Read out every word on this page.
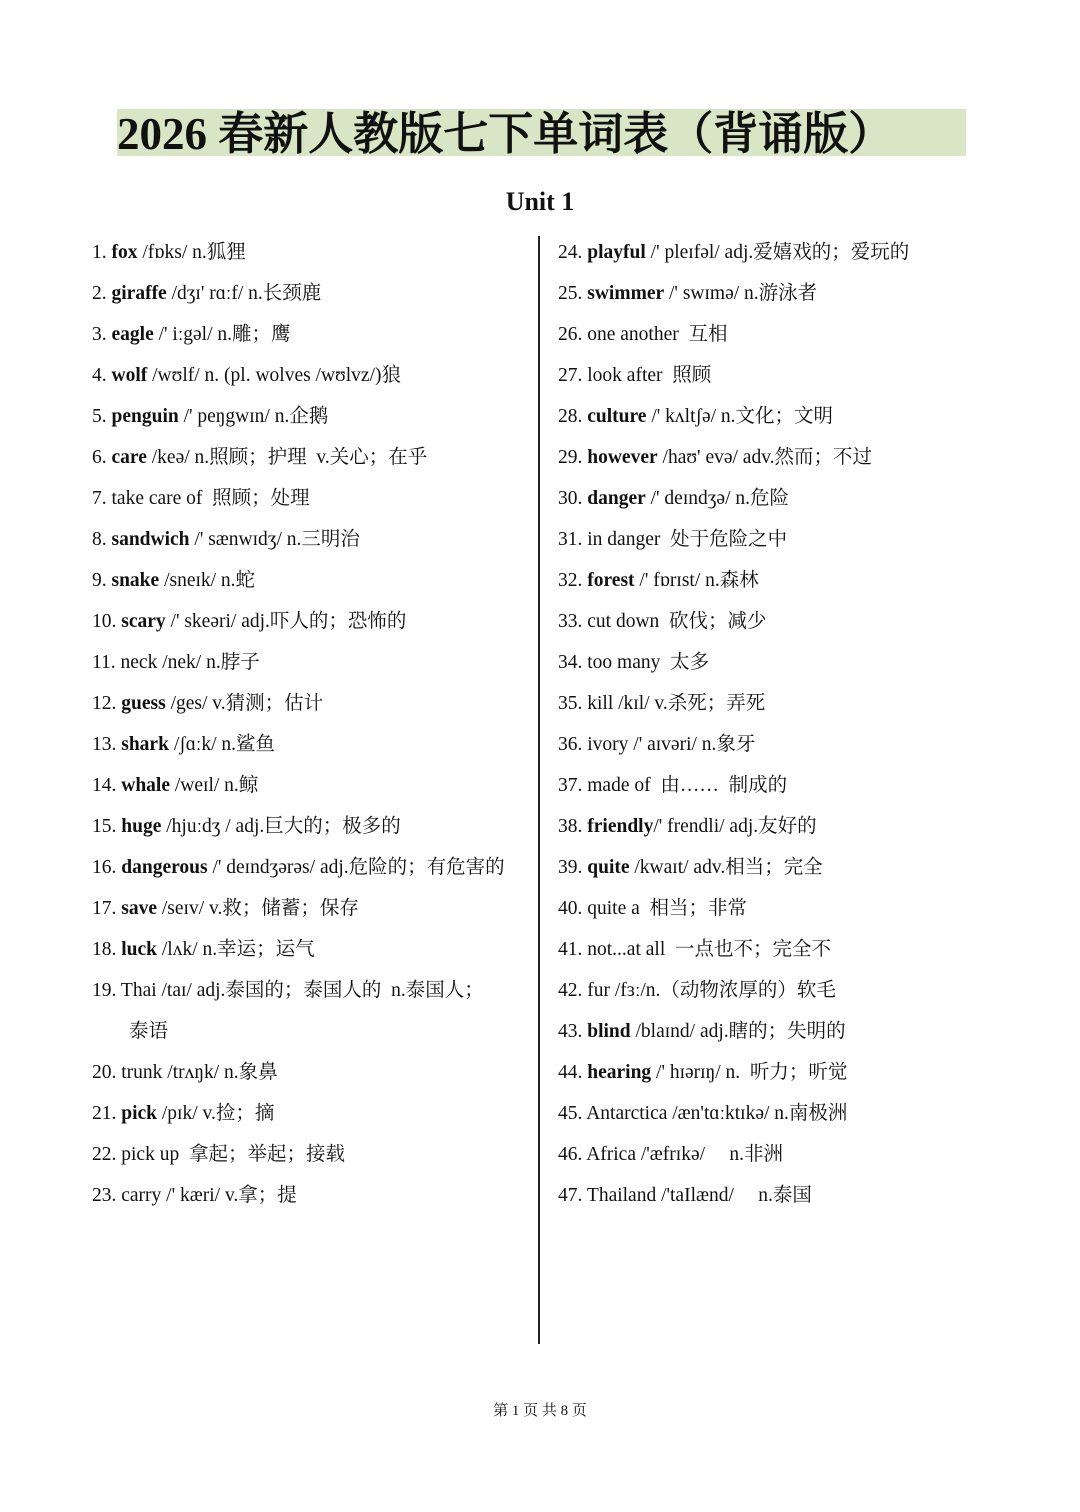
2026 春新人教版七下单词表（背诵版）
Unit 1
1. fox /fɒks/ n.狐狸
2. giraffe /dʒɪ' rɑːf/ n.长颈鹿
3. eagle /' iːgəl/ n.雕；鹰
4. wolf /wʊlf/ n. (pl. wolves /wʊlvz/)狼
5. penguin /' peŋgwɪn/ n.企鹅
6. care /keə/ n.照顾；护理  v.关心；在乎
7. take care of  照顾；处理
8. sandwich /' sænwɪdʒ/ n.三明治
9. snake /sneɪk/ n.蛇
10. scary /' skeəri/ adj.吓人的；恐怖的
11. neck /nek/ n.脖子
12. guess /ges/ v.猜测；估计
13. shark /ʃɑːk/ n.鲨鱼
14. whale /weɪl/ n.鲸
15. huge /hjuːdʒ / adj.巨大的；极多的
16. dangerous /' deɪndʒərəs/ adj.危险的；有危害的
17. save /seɪv/ v.救；储蓄；保存
18. luck /lʌk/ n.幸运；运气
19. Thai /taɪ/ adj.泰国的；泰国人的  n.泰国人；
泰语
20. trunk /trʌŋk/ n.象鼻
21. pick /pɪk/ v.捡；摘
22. pick up  拿起；举起；接载
23. carry /' kæri/ v.拿；提
24. playful /' pleɪfəl/ adj.爱嬉戏的；爱玩的
25. swimmer /' swɪmə/ n.游泳者
26. one another  互相
27. look after  照顾
28. culture /' kʌltʃə/ n.文化；文明
29. however /haʊ' evə/ adv.然而；不过
30. danger /' deɪndʒə/ n.危险
31. in danger  处于危险之中
32. forest /' fɒrɪst/ n.森林
33. cut down  砍伐；减少
34. too many  太多
35. kill /kɪl/ v.杀死；弄死
36. ivory /' aɪvəri/ n.象牙
37. made of  由……  制成的
38. friendly/' frendli/ adj.友好的
39. quite /kwaɪt/ adv.相当；完全
40. quite a  相当；非常
41. not...at all  一点也不；完全不
42. fur /fɜː/n.（动物浓厚的）软毛
43. blind /blaɪnd/ adj.瞎的；失明的
44. hearing /' hɪərɪŋ/ n.  听力；听觉
45. Antarctica /æn'tɑːktɪkə/ n.南极洲
46. Africa /'æfrɪkə/     n.非洲
47. Thailand /'taIlænd/     n.泰国
第 1 页 共 8 页
